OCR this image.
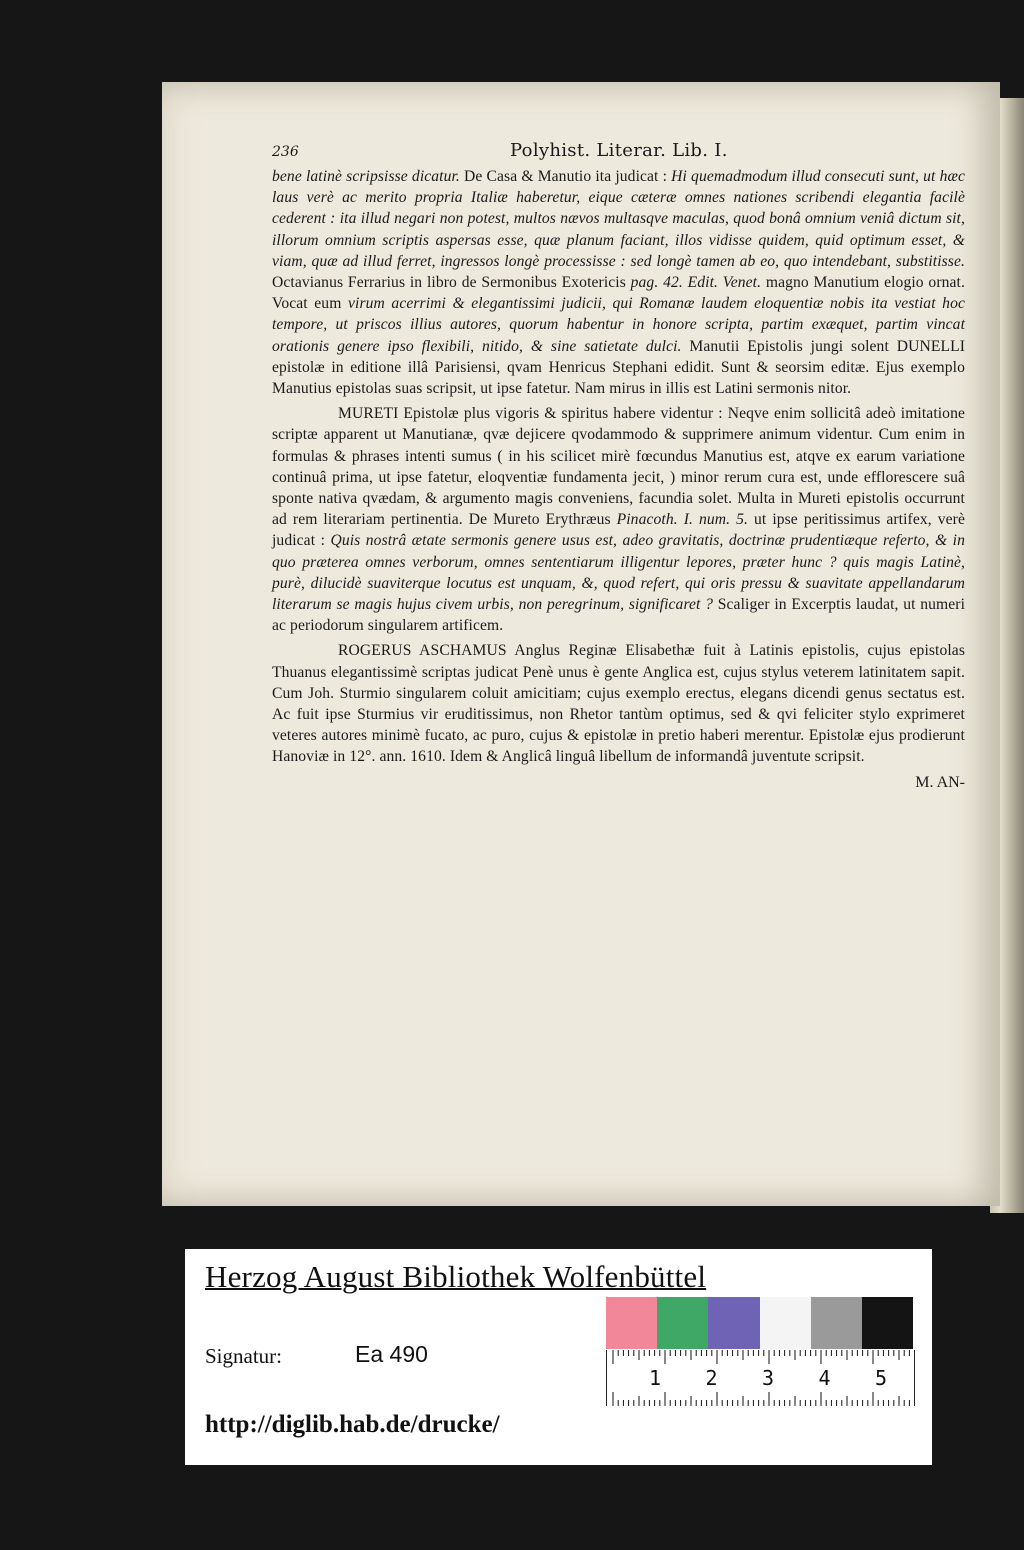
236	Polyhist. Literar. Lib. I.

bene latinè scripsisse dicatur. De Casa & Manutio ita judicat : Hi quemadmodum illud consecuti sunt, ut hæc laus verè ac merito propria Italiæ haberetur, eique cæteræ omnes nationes scribendi elegantia facilè cederent : ita illud negari non potest, multos nævos multasqve maculas, quod bonâ omnium veniâ dictum sit, illorum omnium scriptis aspersas esse, quæ planum faciant, illos vidisse quidem, quid optimum esset, & viam, quæ ad illud ferret, ingressos longè processisse : sed longè tamen ab eo, quo intendebant, substitisse. Octavianus Ferrarius in libro de Sermonibus Exotericis pag. 42. Edit. Venet. magno Manutium elogio ornat. Vocat eum virum acerrimi & elegantissimi judicii, qui Romanæ laudem eloquentiæ nobis ita vestiat hoc tempore, ut priscos illius autores, quorum habentur in honore scripta, partim exæquet, partim vincat orationis genere ipso flexibili, nitido, & sine satietate dulci. Manutii Epistolis jungi solent DUNELLI epistolæ in editione illâ Parisiensi, qvam Henricus Stephani edidit. Sunt & seorsim editæ. Ejus exemplo Manutius epistolas suas scripsit, ut ipse fatetur. Nam mirus in illis est Latini sermonis nitor.

MURETI Epistolæ plus vigoris & spiritus habere videntur : Neqve enim sollicitâ adeò imitatione scriptæ apparent ut Manutianæ, qvæ dejicere qvodammodo & supprimere animum videntur. Cum enim in formulas & phrases intenti sumus ( in his scilicet mirè fœcundus Manutius est, atqve ex earum variatione continuâ prima, ut ipse fatetur, eloqventiæ fundamenta jecit, ) minor rerum cura est, unde efflorescere suâ sponte nativa qvædam, & argumento magis conveniens, facundia solet. Multa in Mureti epistolis occurrunt ad rem literariam pertinentia. De Mureto Erythræus Pinacoth. I. num. 5. ut ipse peritissimus artifex, verè judicat : Quis nostrâ ætate sermonis genere usus est, adeo gravitatis, doctrinæ prudentiæque referto, & in quo præterea omnes verborum, omnes sententiarum illigentur lepores, præter hunc ? quis magis Latinè, purè, dilucidè suaviterque locutus est unquam, &, quod refert, qui oris pressu & suavitate appellandarum literarum se magis hujus civem urbis, non peregrinum, significaret ? Scaliger in Excerptis laudat, ut numeri ac periodorum singularem artificem.

ROGERUS ASCHAMUS Anglus Reginæ Elisabethæ fuit à Latinis epistolis, cujus epistolas Thuanus elegantissimè scriptas judicat Penè unus è gente Anglica est, cujus stylus veterem latinitatem sapit. Cum Joh. Sturmio singularem coluit amicitiam; cujus exemplo erectus, elegans dicendi genus sectatus est. Ac fuit ipse Sturmius vir eruditissimus, non Rhetor tantùm optimus, sed & qvi feliciter stylo exprimeret veteres autores minimè fucato, ac puro, cujus & epistolæ in pretio haberi merentur. Epistolæ ejus prodierunt Hanoviæ in 12°. ann. 1610. Idem & Anglicâ linguâ libellum de informandâ juventute scripsit.

M. AN-
Herzog August Bibliothek Wolfenbüttel
Signatur:	Ea 490
http://diglib.hab.de/drucke/
1 2 3 4 5
